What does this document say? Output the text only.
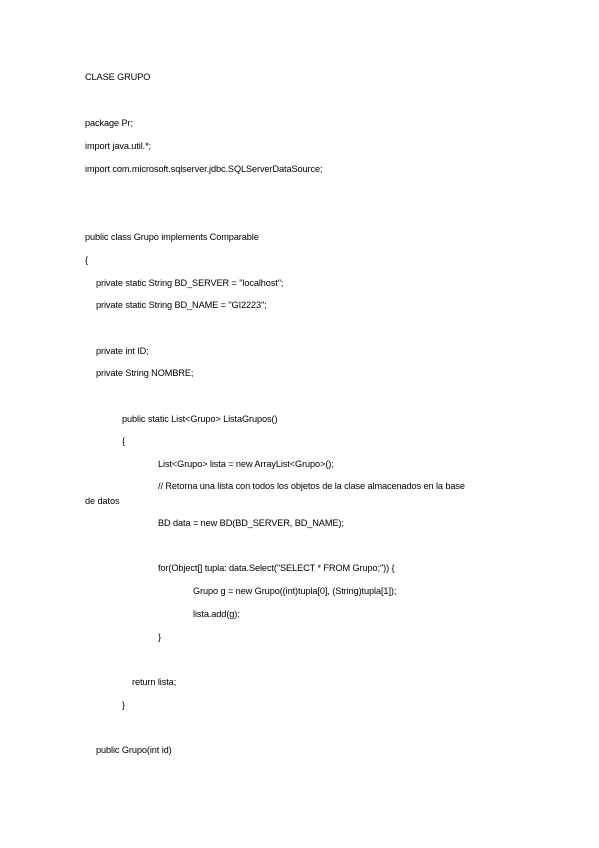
CLASE GRUPO
package Pr;
import java.util.*;
import com.microsoft.sqlserver.jdbc.SQLServerDataSource;
public class Grupo implements Comparable
{
private static String BD_SERVER = "localhost";
private static String BD_NAME = "GI2223";
private int ID;
private String NOMBRE;
public static List<Grupo> ListaGrupos()
{
List<Grupo> lista = new ArrayList<Grupo>();
// Retorna una lista con todos los objetos de la clase almacenados en la base
de datos
BD data = new BD(BD_SERVER, BD_NAME);
for(Object[] tupla: data.Select("SELECT * FROM Grupo;")) {
Grupo g = new Grupo((int)tupla[0], (String)tupla[1]);
lista.add(g);
}
return lista;
}
public Grupo(int id)
